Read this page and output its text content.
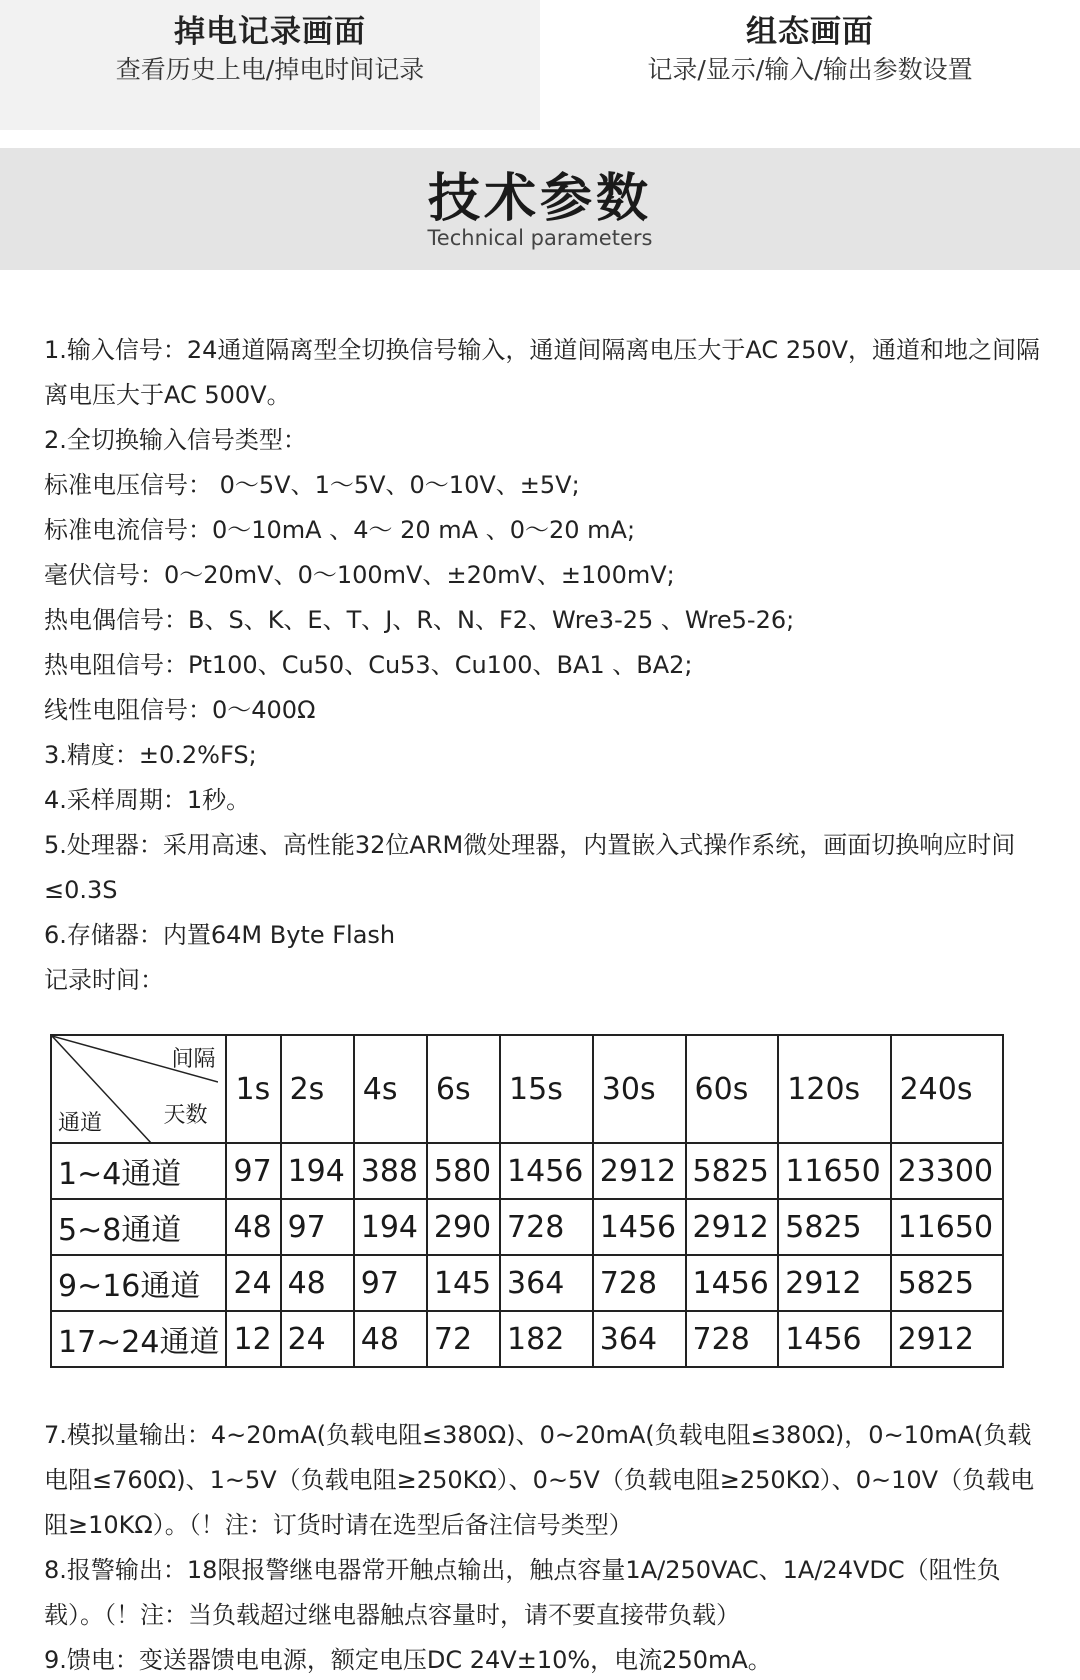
掉电记录画面
查看历史上电/掉电时间记录
组态画面
记录/显示/输入/输出参数设置
技术参数
Technical parameters
1.输入信号：24通道隔离型全切换信号输入，通道间隔离电压大于AC 250V，通道和地之间隔离电压大于AC 500V。
2.全切换输入信号类型：
标准电压信号： 0～5V、1～5V、0～10V、±5V;
标准电流信号：0～10mA 、4～ 20 mA 、0～20 mA;
毫伏信号：0～20mV、0～100mV、±20mV、±100mV;
热电偶信号：B、S、K、E、T、J、R、N、F2、Wre3-25 、Wre5-26;
热电阻信号：Pt100、Cu50、Cu53、Cu100、BA1 、BA2;
线性电阻信号：0～400Ω
3.精度：±0.2%FS;
4.采样周期：1秒。
5.处理器：采用高速、高性能32位ARM微处理器，内置嵌入式操作系统，画面切换响应时间≤0.3S
6.存储器：内置64M Byte Flash
记录时间：
间隔
天数
通道	1s	2s	4s	6s	15s	30s	60s	120s	240s
1~4通道	97	194	388	580	1456	2912	5825	11650	23300
5~8通道	48	97	194	290	728	1456	2912	5825	11650
9~16通道	24	48	97	145	364	728	1456	2912	5825
17~24通道	12	24	48	72	182	364	728	1456	2912
7.模拟量输出：4~20mA(负载电阻≤380Ω)、0~20mA(负载电阻≤380Ω)，0~10mA(负载电阻≤760Ω)、1~5V（负载电阻≥250KΩ）、0~5V（负载电阻≥250KΩ）、0~10V（负载电阻≥10KΩ）。（！注：订货时请在选型后备注信号类型）
8.报警输出：18限报警继电器常开触点输出，触点容量1A/250VAC、1A/24VDC（阻性负载）。（！注：当负载超过继电器触点容量时，请不要直接带负载）
9.馈电：变送器馈电电源，额定电压DC 24V±10%，电流250mA。
